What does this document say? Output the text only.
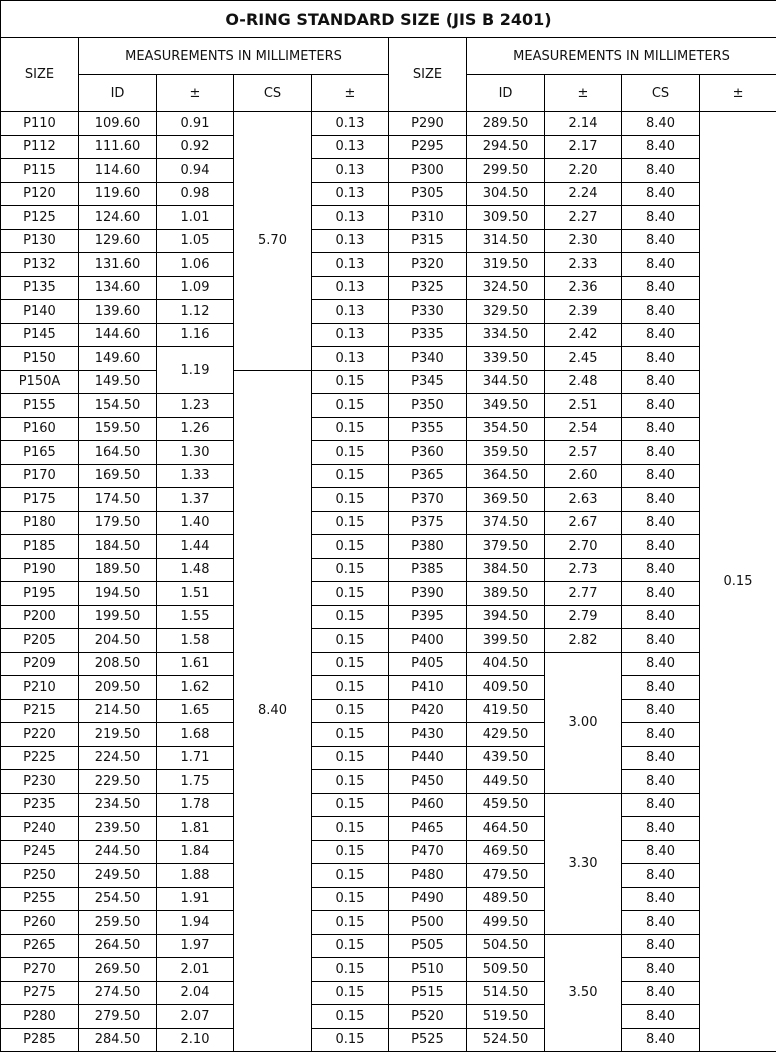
O-RING STANDARD SIZE (JIS B 2401)									
SIZE	MEASUREMENTS IN MILLIMETERS				SIZE	MEASUREMENTS IN MILLIMETERS			
	ID	±	CS	±		ID	±	CS	±
P110	109.60	0.91	5.70	0.13	P290	289.50	2.14	8.40	0.15
P112	111.60	0.92		0.13	P295	294.50	2.17	8.40	
P115	114.60	0.94		0.13	P300	299.50	2.20	8.40	
P120	119.60	0.98		0.13	P305	304.50	2.24	8.40	
P125	124.60	1.01		0.13	P310	309.50	2.27	8.40	
P130	129.60	1.05		0.13	P315	314.50	2.30	8.40	
P132	131.60	1.06		0.13	P320	319.50	2.33	8.40	
P135	134.60	1.09		0.13	P325	324.50	2.36	8.40	
P140	139.60	1.12		0.13	P330	329.50	2.39	8.40	
P145	144.60	1.16		0.13	P335	334.50	2.42	8.40	
P150	149.60	1.19		0.13	P340	339.50	2.45	8.40	
P150A	149.50		8.40	0.15	P345	344.50	2.48	8.40	
P155	154.50	1.23		0.15	P350	349.50	2.51	8.40	
P160	159.50	1.26		0.15	P355	354.50	2.54	8.40	
P165	164.50	1.30		0.15	P360	359.50	2.57	8.40	
P170	169.50	1.33		0.15	P365	364.50	2.60	8.40	
P175	174.50	1.37		0.15	P370	369.50	2.63	8.40	
P180	179.50	1.40		0.15	P375	374.50	2.67	8.40	
P185	184.50	1.44		0.15	P380	379.50	2.70	8.40	
P190	189.50	1.48		0.15	P385	384.50	2.73	8.40	
P195	194.50	1.51		0.15	P390	389.50	2.77	8.40	
P200	199.50	1.55		0.15	P395	394.50	2.79	8.40	
P205	204.50	1.58		0.15	P400	399.50	2.82	8.40	
P209	208.50	1.61		0.15	P405	404.50	3.00	8.40	
P210	209.50	1.62		0.15	P410	409.50		8.40	
P215	214.50	1.65		0.15	P420	419.50		8.40	
P220	219.50	1.68		0.15	P430	429.50		8.40	
P225	224.50	1.71		0.15	P440	439.50		8.40	
P230	229.50	1.75		0.15	P450	449.50		8.40	
P235	234.50	1.78		0.15	P460	459.50	3.30	8.40	
P240	239.50	1.81		0.15	P465	464.50		8.40	
P245	244.50	1.84		0.15	P470	469.50		8.40	
P250	249.50	1.88		0.15	P480	479.50		8.40	
P255	254.50	1.91		0.15	P490	489.50		8.40	
P260	259.50	1.94		0.15	P500	499.50		8.40	
P265	264.50	1.97		0.15	P505	504.50	3.50	8.40	
P270	269.50	2.01		0.15	P510	509.50		8.40	
P275	274.50	2.04		0.15	P515	514.50		8.40	
P280	279.50	2.07		0.15	P520	519.50		8.40	
P285	284.50	2.10		0.15	P525	524.50		8.40	
